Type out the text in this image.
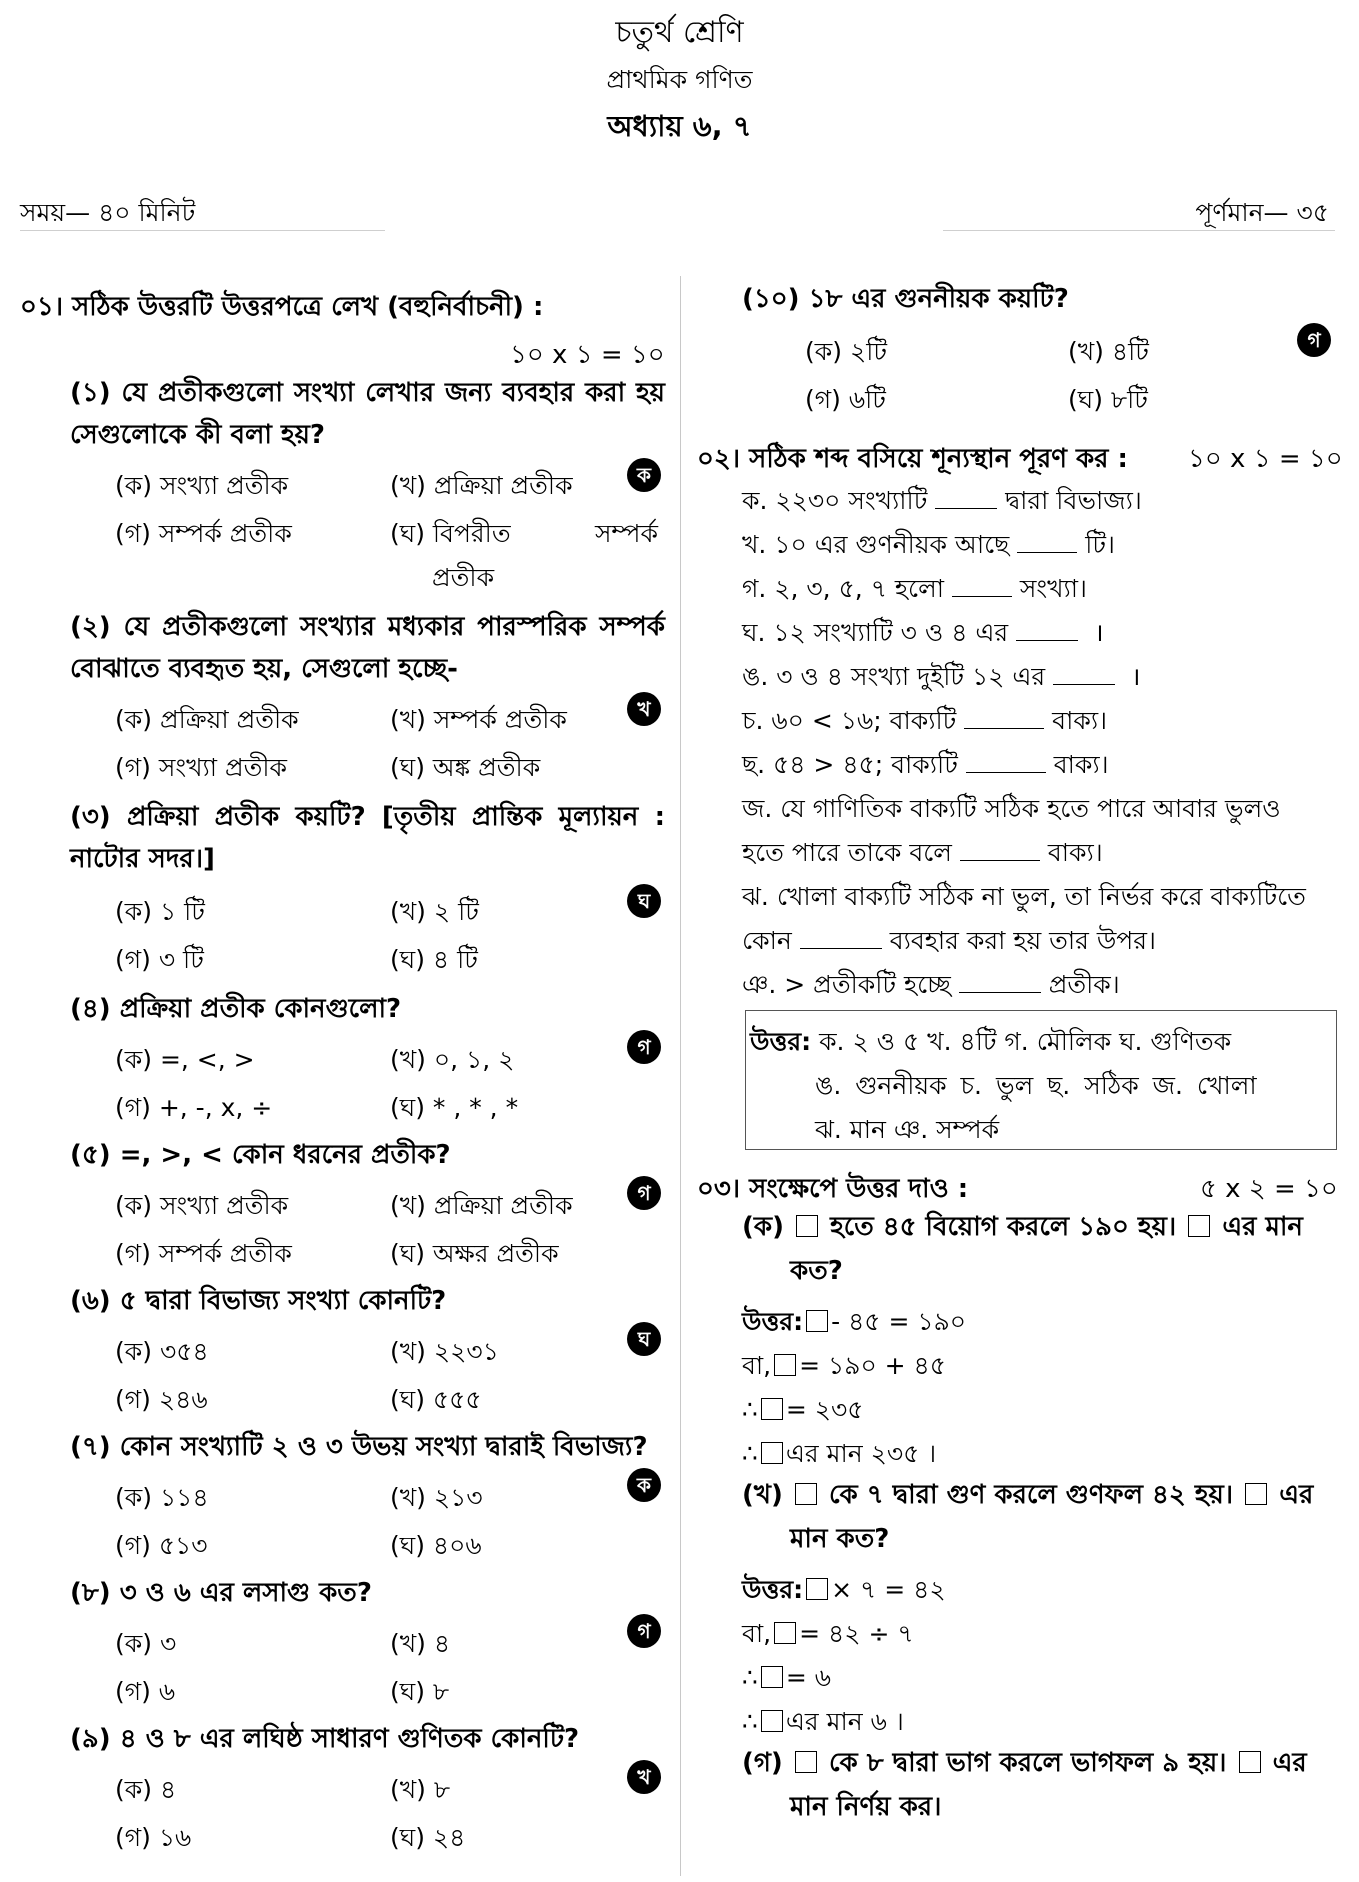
চতুর্থ শ্রেণি
প্রাথমিক গণিত
অধ্যায় ৬, ৭
সময়— ৪০ মিনিট	পূর্ণমান— ৩৫
০১। সঠিক উত্তরটি উত্তরপত্রে লেখ (বহুনির্বাচনী) :
১০ x ১ = ১০
(১) যে প্রতীকগুলো সংখ্যা লেখার জন্য ব্যবহার করা হয় সেগুলোকে কী বলা হয়?
(ক) সংখ্যা প্রতীক	(খ) প্রক্রিয়া প্রতীক	ক
(গ) সম্পর্ক প্রতীক	(ঘ) বিপরীত	সম্পর্ক
প্রতীক
(২) যে প্রতীকগুলো সংখ্যার মধ্যকার পারস্পরিক সম্পর্ক বোঝাতে ব্যবহৃত হয়, সেগুলো হচ্ছে-
(ক) প্রক্রিয়া প্রতীক	(খ) সম্পর্ক প্রতীক	খ
(গ) সংখ্যা প্রতীক	(ঘ) অঙ্ক প্রতীক
(৩) প্রক্রিয়া প্রতীক কয়টি? [তৃতীয় প্রান্তিক মূল্যায়ন : নাটোর সদর।]
(ক) ১ টি	(খ) ২ টি	ঘ
(গ) ৩ টি	(ঘ) ৪ টি
(৪) প্রক্রিয়া প্রতীক কোনগুলো?
(ক) =, <, >	(খ) ০, ১, ২	গ
(গ) +, -, x, ÷	(ঘ) * , * , *
(৫) =, >, < কোন ধরনের প্রতীক?
(ক) সংখ্যা প্রতীক	(খ) প্রক্রিয়া প্রতীক	গ
(গ) সম্পর্ক প্রতীক	(ঘ) অক্ষর প্রতীক
(৬) ৫ দ্বারা বিভাজ্য সংখ্যা কোনটি?
(ক) ৩৫৪	(খ) ২২৩১	ঘ
(গ) ২৪৬	(ঘ) ৫৫৫
(৭) কোন সংখ্যাটি ২ ও ৩ উভয় সংখ্যা দ্বারাই বিভাজ্য?
(ক) ১১৪	(খ) ২১৩	ক
(গ) ৫১৩	(ঘ) ৪০৬
(৮) ৩ ও ৬ এর লসাগু কত?
(ক) ৩	(খ) ৪	গ
(গ) ৬	(ঘ) ৮
(৯) ৪ ও ৮ এর লঘিষ্ঠ সাধারণ গুণিতক কোনটি?
(ক) ৪	(খ) ৮	খ
(গ) ১৬	(ঘ) ২৪
(১০) ১৮ এর গুননীয়ক কয়টি?
(ক) ২টি	(খ) ৪টি	গ
(গ) ৬টি	(ঘ) ৮টি
০২। সঠিক শব্দ বসিয়ে শূন্যস্থান পূরণ কর : ১০ x ১ = ১০
ক. ২২৩০ সংখ্যাটি	দ্বারা বিভাজ্য।
খ. ১০ এর গুণনীয়ক আছে	টি।
গ. ২, ৩, ৫, ৭ হলো	সংখ্যা।
ঘ. ১২ সংখ্যাটি ৩ ও ৪ এর	।
ঙ. ৩ ও ৪ সংখ্যা দুইটি ১২ এর	।
চ. ৬০ < ১৬; বাক্যটি	বাক্য।
ছ. ৫৪ > ৪৫; বাক্যটি	বাক্য।
জ. যে গাণিতিক বাক্যটি সঠিক হতে পারে আবার ভুলও
হতে পারে তাকে বলে	বাক্য।
ঝ. খোলা বাক্যটি সঠিক না ভুল, তা নির্ভর করে বাক্যটিতে
কোন	ব্যবহার করা হয় তার উপর।
ঞ. > প্রতীকটি হচ্ছে	প্রতীক।
উত্তর: ক. ২ ও ৫ খ. ৪টি গ. মৌলিক ঘ. গুণিতক
ঙ. গুননীয়ক চ. ভুল ছ. সঠিক জ. খোলা
ঝ. মান ঞ. সম্পর্ক
০৩। সংক্ষেপে উত্তর দাও :	৫ x ২ = ১০
(ক) হতে ৪৫ বিয়োগ করলে ১৯০ হয়। এর মান
কত?
উত্তর: - ৪৫ = ১৯০
বা, = ১৯০ + ৪৫
∴ = ২৩৫
∴ এর মান ২৩৫ ।
(খ) কে ৭ দ্বারা গুণ করলে গুণফল ৪২ হয়। এর
মান কত?
উত্তর: × ৭ = ৪২
বা, = ৪২ ÷ ৭
∴ = ৬
∴ এর মান ৬ ।
(গ) কে ৮ দ্বারা ভাগ করলে ভাগফল ৯ হয়। এর
মান নির্ণয় কর।
